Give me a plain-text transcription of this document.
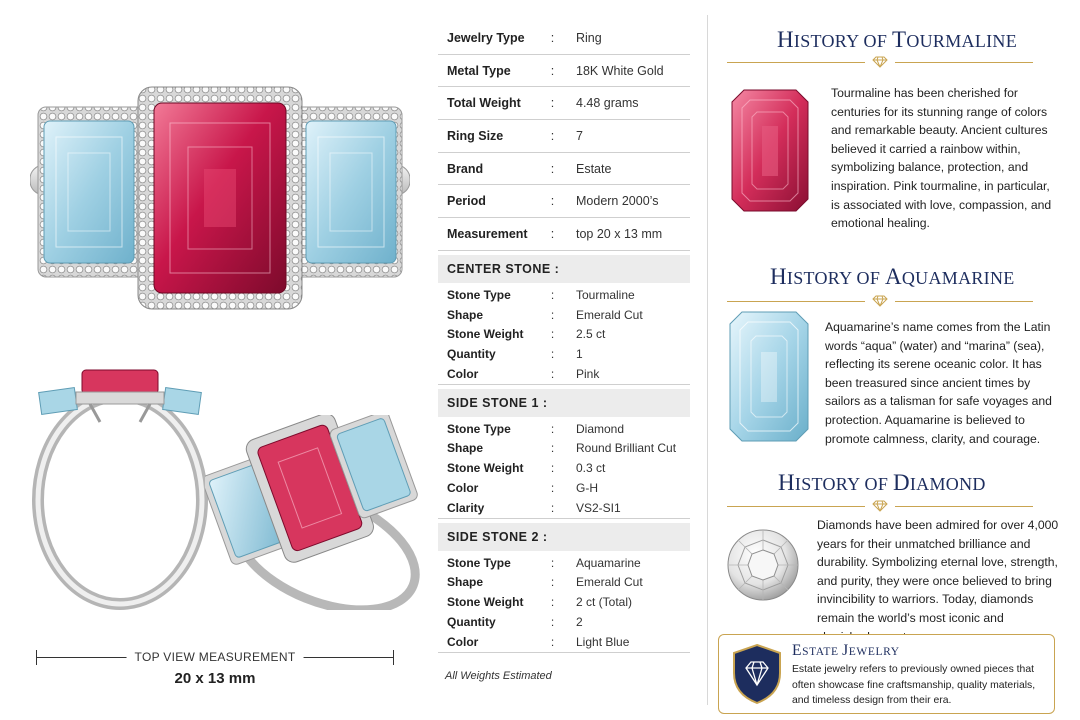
TOP VIEW MEASUREMENT
20 x 13 mm
Jewelry Type	:	Ring
Metal Type	:	18K White Gold
Total Weight	:	4.48 grams
Ring Size	:	7
Brand	:	Estate
Period	:	Modern 2000’s
Measurement	:	top 20 x 13 mm
CENTER STONE :
Stone Type	:	Tourmaline
Shape	:	Emerald Cut
Stone Weight	:	2.5 ct
Quantity	:	1
Color	:	Pink
SIDE STONE 1 :
Stone Type	:	Diamond
Shape	:	Round Brilliant Cut
Stone Weight	:	0.3 ct
Color	:	G-H
Clarity	:	VS2-SI1
SIDE STONE 2 :
Stone Type	:	Aquamarine
Shape	:	Emerald Cut
Stone Weight	:	2 ct (Total)
Quantity	:	2
Color	:	Light Blue
All Weights Estimated
HISTORY OF TOURMALINE
Tourmaline has been cherished for centuries for its stunning range of colors and remarkable beauty. Ancient cultures believed it carried a rainbow within, symbolizing balance, protection, and inspiration. Pink tourmaline, in particular, is associated with love, compassion, and emotional healing.
HISTORY OF AQUAMARINE
Aquamarine’s name comes from the Latin words “aqua” (water) and “marina” (sea), reflecting its serene oceanic color. It has been treasured since ancient times by sailors as a talisman for safe voyages and protection. Aquamarine is believed to promote calmness, clarity, and courage.
HISTORY OF DIAMOND
Diamonds have been admired for over 4,000 years for their unmatched brilliance and durability. Symbolizing eternal love, strength, and purity, they were once believed to bring invincibility to warriors. Today, diamonds remain the world’s most iconic and
ESTATE JEWELRY
Estate jewelry refers to previously owned pieces that often showcase fine craftsmanship, quality materials, and timeless design from their era.
